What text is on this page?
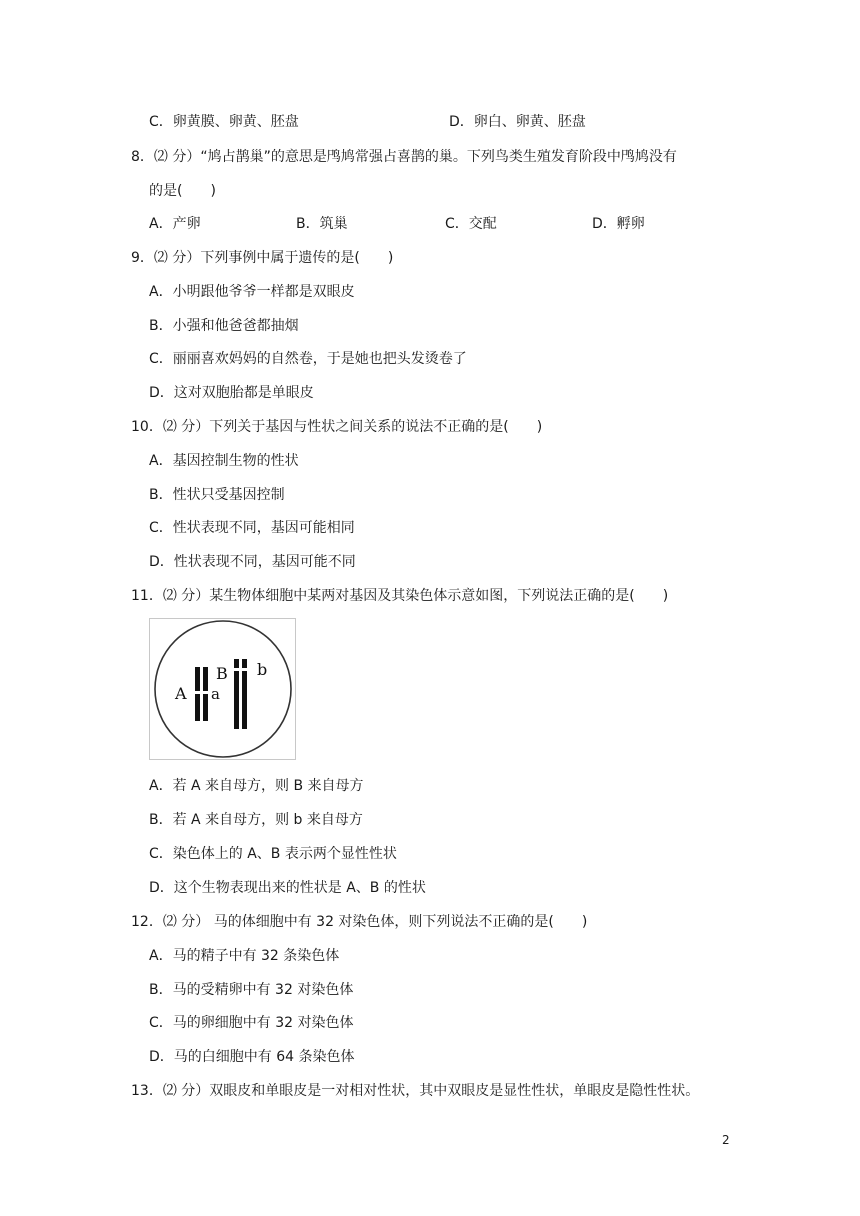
C．卵黄膜、卵黄、胚盘	D．卵白、卵黄、胚盘
8．⑵ 分）“鸠占鹊巢”的意思是鸤鸠常强占喜鹊的巢。下列鸟类生殖发育阶段中鸤鸠没有
的是(　　)
A．产卵	B．筑巢	C．交配	D．孵卵
9．⑵ 分）下列事例中属于遗传的是(　　)
A．小明跟他爷爷一样都是双眼皮
B．小强和他爸爸都抽烟
C．丽丽喜欢妈妈的自然卷，于是她也把头发烫卷了
D．这对双胞胎都是单眼皮
10．⑵ 分）下列关于基因与性状之间关系的说法不正确的是(　　)
A．基因控制生物的性状
B．性状只受基因控制
C．性状表现不同，基因可能相同
D．性状表现不同，基因可能不同
11．⑵ 分）某生物体细胞中某两对基因及其染色体示意如图，下列说法正确的是(　　)
A a
B b
A．若 A 来自母方，则 B 来自母方
B．若 A 来自母方，则 b 来自母方
C．染色体上的 A、B 表示两个显性性状
D．这个生物表现出来的性状是 A、B 的性状
12．⑵ 分） 马的体细胞中有 32 对染色体，则下列说法不正确的是(　　)
A．马的精子中有 32 条染色体
B．马的受精卵中有 32 对染色体
C．马的卵细胞中有 32 对染色体
D．马的白细胞中有 64 条染色体
13．⑵ 分）双眼皮和单眼皮是一对相对性状，其中双眼皮是显性性状，单眼皮是隐性性状。
2
